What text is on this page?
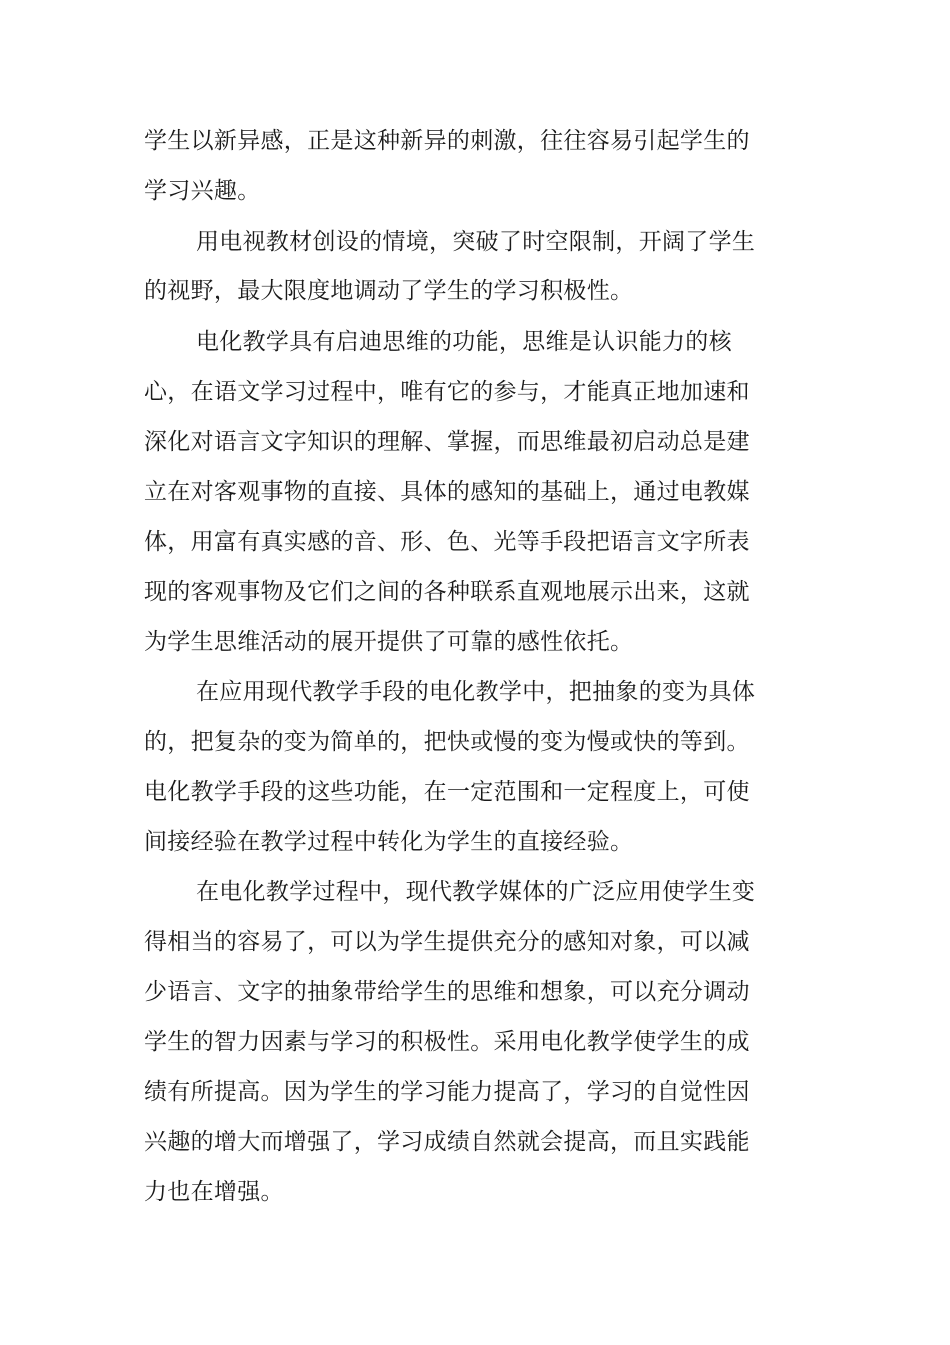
学生以新异感，正是这种新异的刺激，往往容易引起学生的
学习兴趣。
用电视教材创设的情境，突破了时空限制，开阔了学生
的视野，最大限度地调动了学生的学习积极性。
电化教学具有启迪思维的功能，思维是认识能力的核
心，在语文学习过程中，唯有它的参与，才能真正地加速和
深化对语言文字知识的理解、掌握，而思维最初启动总是建
立在对客观事物的直接、具体的感知的基础上，通过电教媒
体，用富有真实感的音、形、色、光等手段把语言文字所表
现的客观事物及它们之间的各种联系直观地展示出来，这就
为学生思维活动的展开提供了可靠的感性依托。
在应用现代教学手段的电化教学中，把抽象的变为具体
的，把复杂的变为简单的，把快或慢的变为慢或快的等到。
电化教学手段的这些功能，在一定范围和一定程度上，可使
间接经验在教学过程中转化为学生的直接经验。
在电化教学过程中，现代教学媒体的广泛应用使学生变
得相当的容易了，可以为学生提供充分的感知对象，可以减
少语言、文字的抽象带给学生的思维和想象，可以充分调动
学生的智力因素与学习的积极性。采用电化教学使学生的成
绩有所提高。因为学生的学习能力提高了，学习的自觉性因
兴趣的增大而增强了，学习成绩自然就会提高，而且实践能
力也在增强。
